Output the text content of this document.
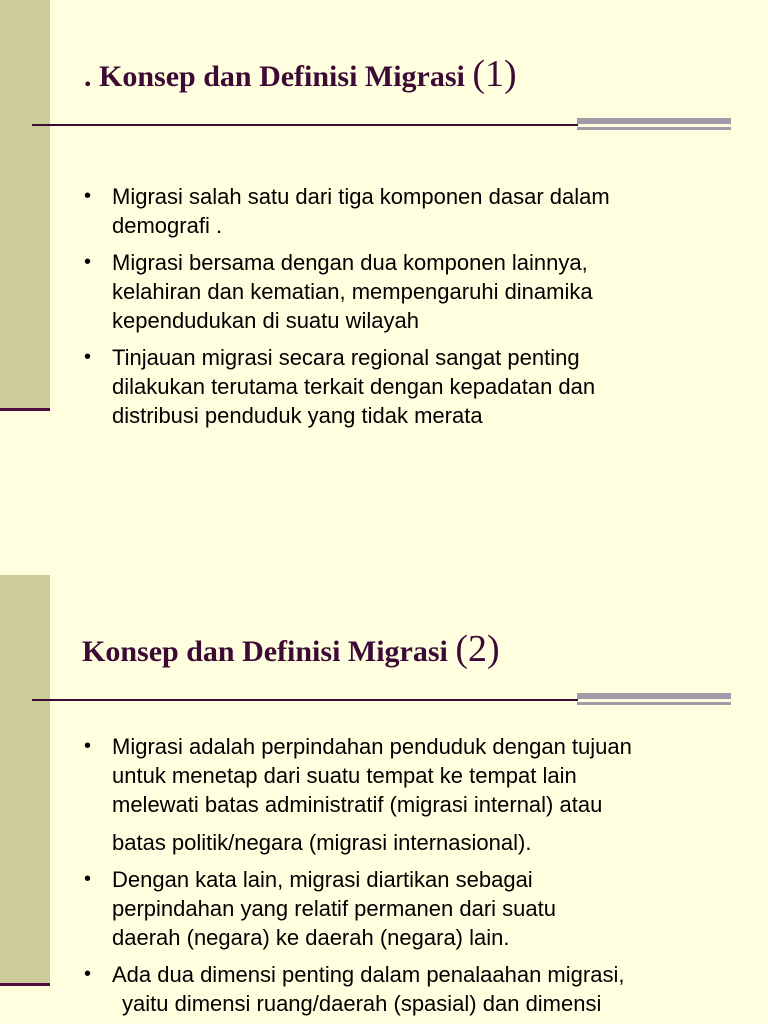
. Konsep dan Definisi Migrasi (1)
• Migrasi salah satu dari tiga komponen dasar dalam
demografi .
• Migrasi bersama dengan dua komponen lainnya,
kelahiran dan kematian, mempengaruhi dinamika
kependudukan di suatu wilayah
• Tinjauan migrasi secara regional sangat penting
dilakukan terutama terkait dengan kepadatan dan
distribusi penduduk yang tidak merata
Konsep dan Definisi Migrasi (2)
• Migrasi adalah perpindahan penduduk dengan tujuan
untuk menetap dari suatu tempat ke tempat lain
melewati batas administratif (migrasi internal) atau
batas politik/negara (migrasi internasional).
• Dengan kata lain, migrasi diartikan sebagai
perpindahan yang relatif permanen dari suatu
daerah (negara) ke daerah (negara) lain.
• Ada dua dimensi penting dalam penalaahan migrasi,
yaitu dimensi ruang/daerah (spasial) dan dimensi
